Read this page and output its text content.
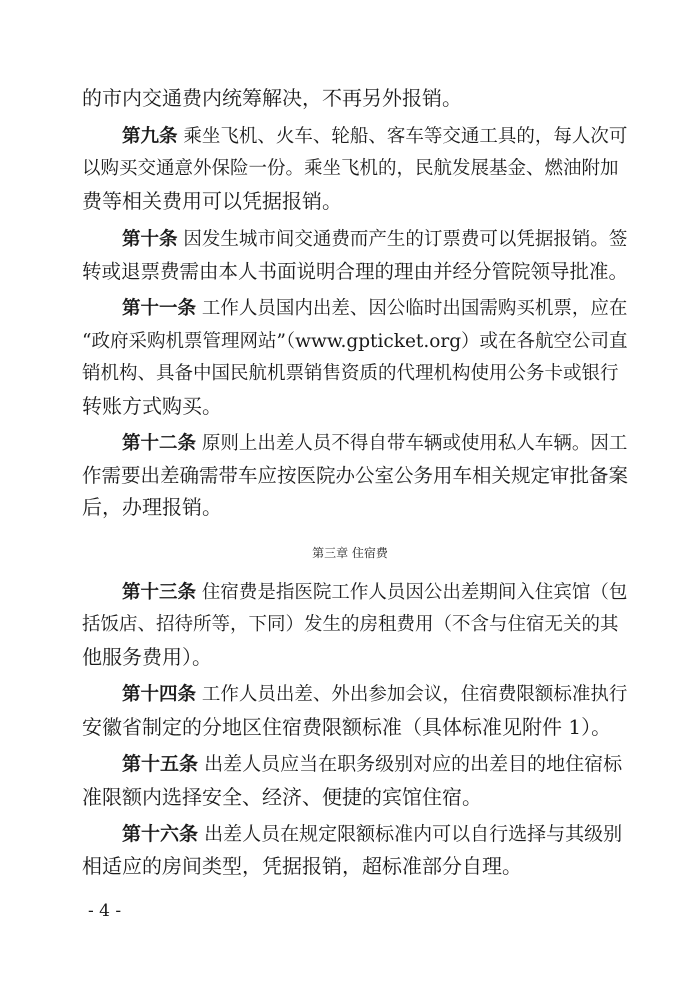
的市内交通费内统筹解决，不再另外报销。
第九条 乘坐飞机、火车、轮船、客车等交通工具的，每人次可
以购买交通意外保险一份。乘坐飞机的，民航发展基金、燃油附加
费等相关费用可以凭据报销。
第十条 因发生城市间交通费而产生的订票费可以凭据报销。签
转或退票费需由本人书面说明合理的理由并经分管院领导批准。
第十一条 工作人员国内出差、因公临时出国需购买机票，应在
“政府采购机票管理网站”（www.gpticket.org）或在各航空公司直
销机构、具备中国民航机票销售资质的代理机构使用公务卡或银行
转账方式购买。
第十二条 原则上出差人员不得自带车辆或使用私人车辆。因工
作需要出差确需带车应按医院办公室公务用车相关规定审批备案
后，办理报销。
第三章 住宿费
第十三条 住宿费是指医院工作人员因公出差期间入住宾馆（包
括饭店、招待所等，下同）发生的房租费用（不含与住宿无关的其
他服务费用）。
第十四条 工作人员出差、外出参加会议，住宿费限额标准执行
安徽省制定的分地区住宿费限额标准（具体标准见附件 1）。
第十五条 出差人员应当在职务级别对应的出差目的地住宿标
准限额内选择安全、经济、便捷的宾馆住宿。
第十六条 出差人员在规定限额标准内可以自行选择与其级别
相适应的房间类型，凭据报销，超标准部分自理。
- 4 -
